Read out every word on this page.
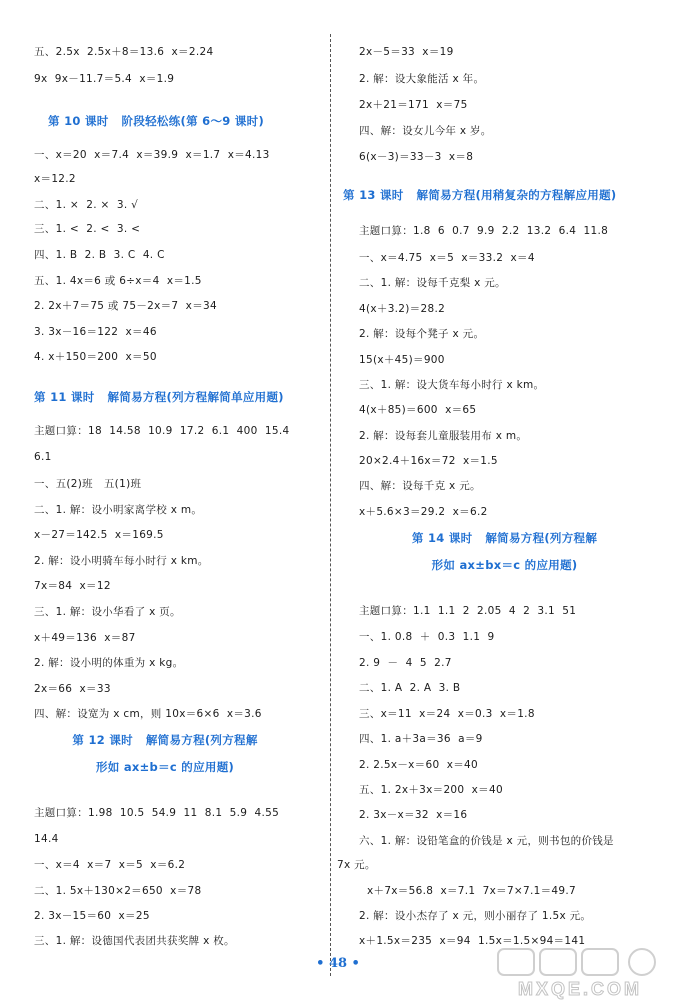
五、2.5x  2.5x＋8＝13.6  x＝2.24
9x  9x－11.7＝5.4  x＝1.9
第 10 课时   阶段轻松练(第 6～9 课时)
一、x＝20  x＝7.4  x＝39.9  x＝1.7  x＝4.13
x＝12.2
二、1. ×  2. ×  3. √
三、1. <  2. <  3. <
四、1. B  2. B  3. C  4. C
五、1. 4x＝6 或 6÷x＝4  x＝1.5
2. 2x＋7＝75 或 75－2x＝7  x＝34
3. 3x－16＝122  x＝46
4. x＋150＝200  x＝50
第 11 课时   解简易方程(列方程解简单应用题)
主题口算：18  14.58  10.9  17.2  6.1  400  15.4
6.1
一、五(2)班   五(1)班
二、1. 解：设小明家离学校 x m。
x－27＝142.5  x＝169.5
2. 解：设小明骑车每小时行 x km。
7x＝84  x＝12
三、1. 解：设小华看了 x 页。
x＋49＝136  x＝87
2. 解：设小明的体重为 x kg。
2x＝66  x＝33
四、解：设宽为 x cm，则 10x＝6×6  x＝3.6
第 12 课时   解简易方程(列方程解
形如 ax±b＝c 的应用题)
主题口算：1.98  10.5  54.9  11  8.1  5.9  4.55
14.4
一、x＝4  x＝7  x＝5  x＝6.2
二、1. 5x＋130×2＝650  x＝78
2. 3x－15＝60  x＝25
三、1. 解：设德国代表团共获奖牌 x 枚。
2x－5＝33  x＝19
2. 解：设大象能活 x 年。
2x＋21＝171  x＝75
四、解：设女儿今年 x 岁。
6(x－3)＝33－3  x＝8
第 13 课时   解简易方程(用稍复杂的方程解应用题)
主题口算：1.8  6  0.7  9.9  2.2  13.2  6.4  11.8
一、x＝4.75  x＝5  x＝33.2  x＝4
二、1. 解：设每千克梨 x 元。
4(x＋3.2)＝28.2
2. 解：设每个凳子 x 元。
15(x＋45)＝900
三、1. 解：设大货车每小时行 x km。
4(x＋85)＝600  x＝65
2. 解：设每套儿童服装用布 x m。
20×2.4＋16x＝72  x＝1.5
四、解：设每千克 x 元。
x＋5.6×3＝29.2  x＝6.2
第 14 课时   解简易方程(列方程解
形如 ax±bx＝c 的应用题)
主题口算：1.1  1.1  2  2.05  4  2  3.1  51
一、1. 0.8  ＋  0.3  1.1  9
2. 9  －  4  5  2.7
二、1. A  2. A  3. B
三、x＝11  x＝24  x＝0.3  x＝1.8
四、1. a＋3a＝36  a＝9
2. 2.5x－x＝60  x＝40
五、1. 2x＋3x＝200  x＝40
2. 3x－x＝32  x＝16
六、1. 解：设铅笔盒的价钱是 x 元，则书包的价钱是
7x 元。
x＋7x＝56.8  x＝7.1  7x＝7×7.1＝49.7
2. 解：设小杰存了 x 元，则小丽存了 1.5x 元。
x＋1.5x＝235  x＝94  1.5x＝1.5×94＝141
• 48 •
MXQE.COM
